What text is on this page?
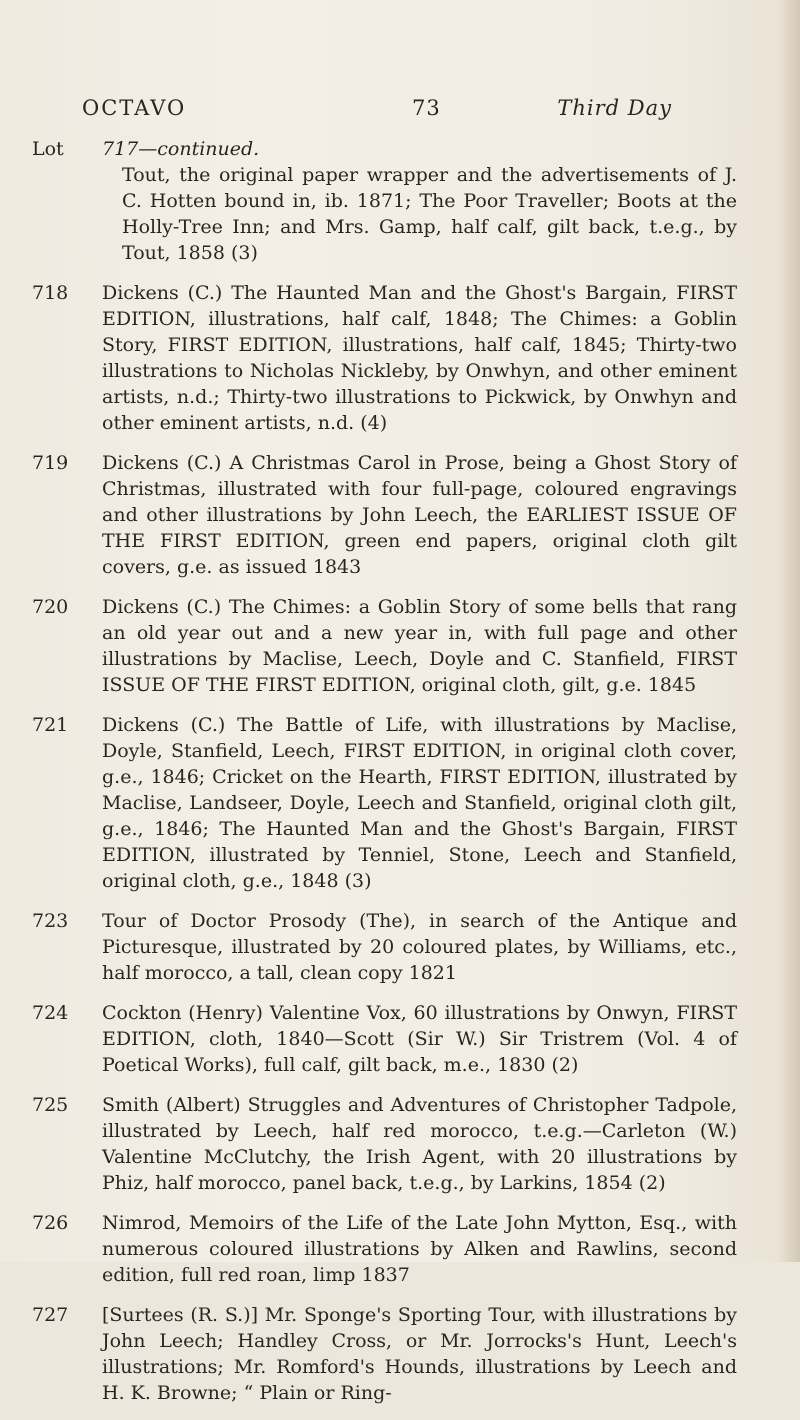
OCTAVO	73	Third Day
Lot	717—continued.
Tout, the original paper wrapper and the advertisements of J. C. Hotten bound in, ib. 1871; The Poor Traveller; Boots at the Holly-Tree Inn; and Mrs. Gamp, half calf, gilt back, t.e.g., by Tout, 1858 (3)
718	Dickens (C.) The Haunted Man and the Ghost's Bargain, FIRST EDITION, illustrations, half calf, 1848; The Chimes: a Goblin Story, FIRST EDITION, illustrations, half calf, 1845; Thirty-two illustrations to Nicholas Nickleby, by Onwhyn, and other eminent artists, n.d.; Thirty-two illustrations to Pickwick, by Onwhyn and other eminent artists, n.d. (4)
719	Dickens (C.) A Christmas Carol in Prose, being a Ghost Story of Christmas, illustrated with four full-page, coloured engravings and other illustrations by John Leech, the EARLIEST ISSUE OF THE FIRST EDITION, green end papers, original cloth gilt covers, g.e. as issued 1843
720	Dickens (C.) The Chimes: a Goblin Story of some bells that rang an old year out and a new year in, with full page and other illustrations by Maclise, Leech, Doyle and C. Stanfield, FIRST ISSUE OF THE FIRST EDITION, original cloth, gilt, g.e. 1845
721	Dickens (C.) The Battle of Life, with illustrations by Maclise, Doyle, Stanfield, Leech, FIRST EDITION, in original cloth cover, g.e., 1846; Cricket on the Hearth, FIRST EDITION, illustrated by Maclise, Landseer, Doyle, Leech and Stanfield, original cloth gilt, g.e., 1846; The Haunted Man and the Ghost's Bargain, FIRST EDITION, illustrated by Tenniel, Stone, Leech and Stanfield, original cloth, g.e., 1848 (3)
723	Tour of Doctor Prosody (The), in search of the Antique and Picturesque, illustrated by 20 coloured plates, by Williams, etc., half morocco, a tall, clean copy 1821
724	Cockton (Henry) Valentine Vox, 60 illustrations by Onwyn, FIRST EDITION, cloth, 1840—Scott (Sir W.) Sir Tristrem (Vol. 4 of Poetical Works), full calf, gilt back, m.e., 1830 (2)
725	Smith (Albert) Struggles and Adventures of Christopher Tadpole, illustrated by Leech, half red morocco, t.e.g.—Carleton (W.) Valentine McClutchy, the Irish Agent, with 20 illustrations by Phiz, half morocco, panel back, t.e.g., by Larkins, 1854 (2)
726	Nimrod, Memoirs of the Life of the Late John Mytton, Esq., with numerous coloured illustrations by Alken and Rawlins, second edition, full red roan, limp 1837
727	[Surtees (R. S.)] Mr. Sponge's Sporting Tour, with illustrations by John Leech; Handley Cross, or Mr. Jorrocks's Hunt, Leech's illustrations; Mr. Romford's Hounds, illustrations by Leech and H. K. Browne; “ Plain or Ring-
